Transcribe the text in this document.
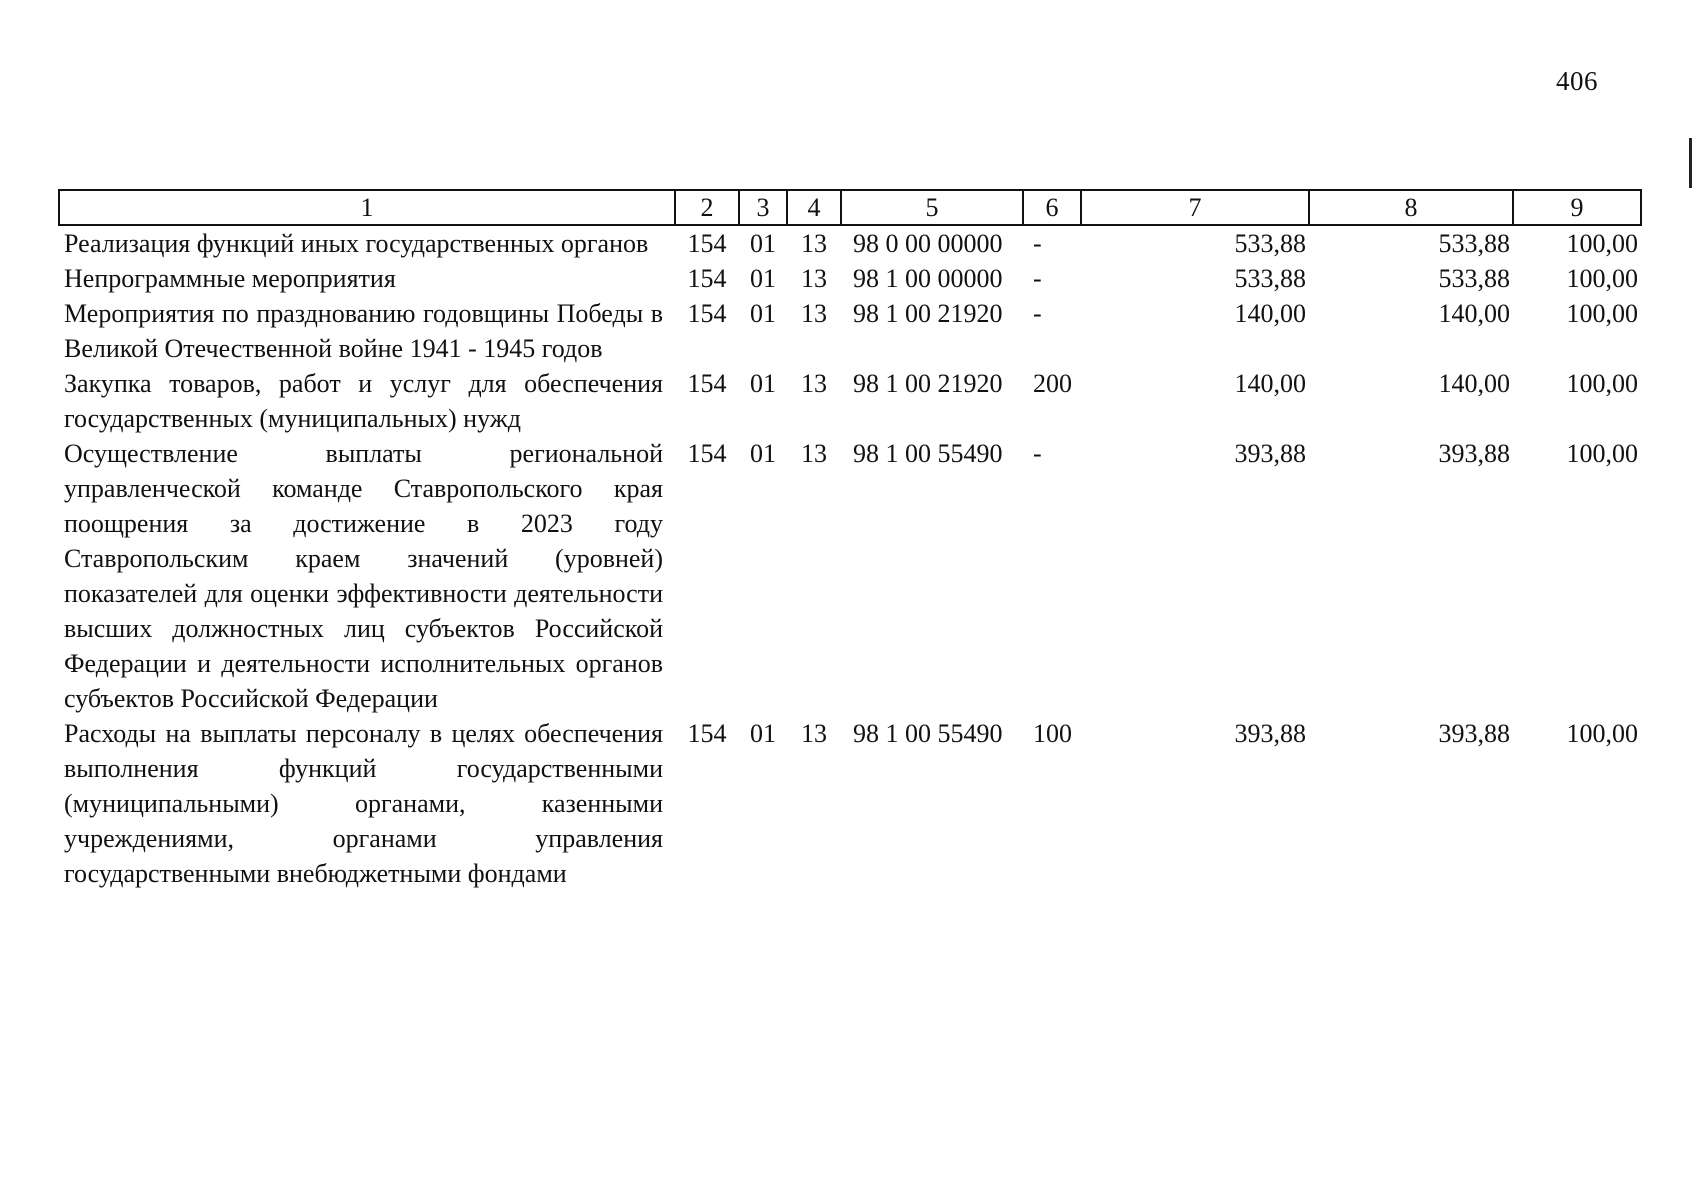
406
1	2	3	4	5	6	7	8	9
Реализация функций иных государственных органов	154	01	13	98 0 00 00000	-	533,88	533,88	100,00
Непрограммные мероприятия	154	01	13	98 1 00 00000	-	533,88	533,88	100,00
Мероприятия по празднованию годовщины Победы в Великой Отечественной войне 1941 - 1945 годов	154	01	13	98 1 00 21920	-	140,00	140,00	100,00
Закупка товаров, работ и услуг для обеспечения государственных (муниципальных) нужд	154	01	13	98 1 00 21920	200	140,00	140,00	100,00
Осуществление выплаты региональной управленческой команде Ставропольского края поощрения за достижение в 2023 году Ставропольским краем значений (уровней) показателей для оценки эффективности деятельности высших должностных лиц субъектов Российской Федерации и деятельности исполнительных органов субъектов Российской Федерации	154	01	13	98 1 00 55490	-	393,88	393,88	100,00
Расходы на выплаты персоналу в целях обеспечения выполнения функций государственными (муниципальными) органами, казенными учреждениями, органами управления государственными внебюджетными фондами	154	01	13	98 1 00 55490	100	393,88	393,88	100,00
